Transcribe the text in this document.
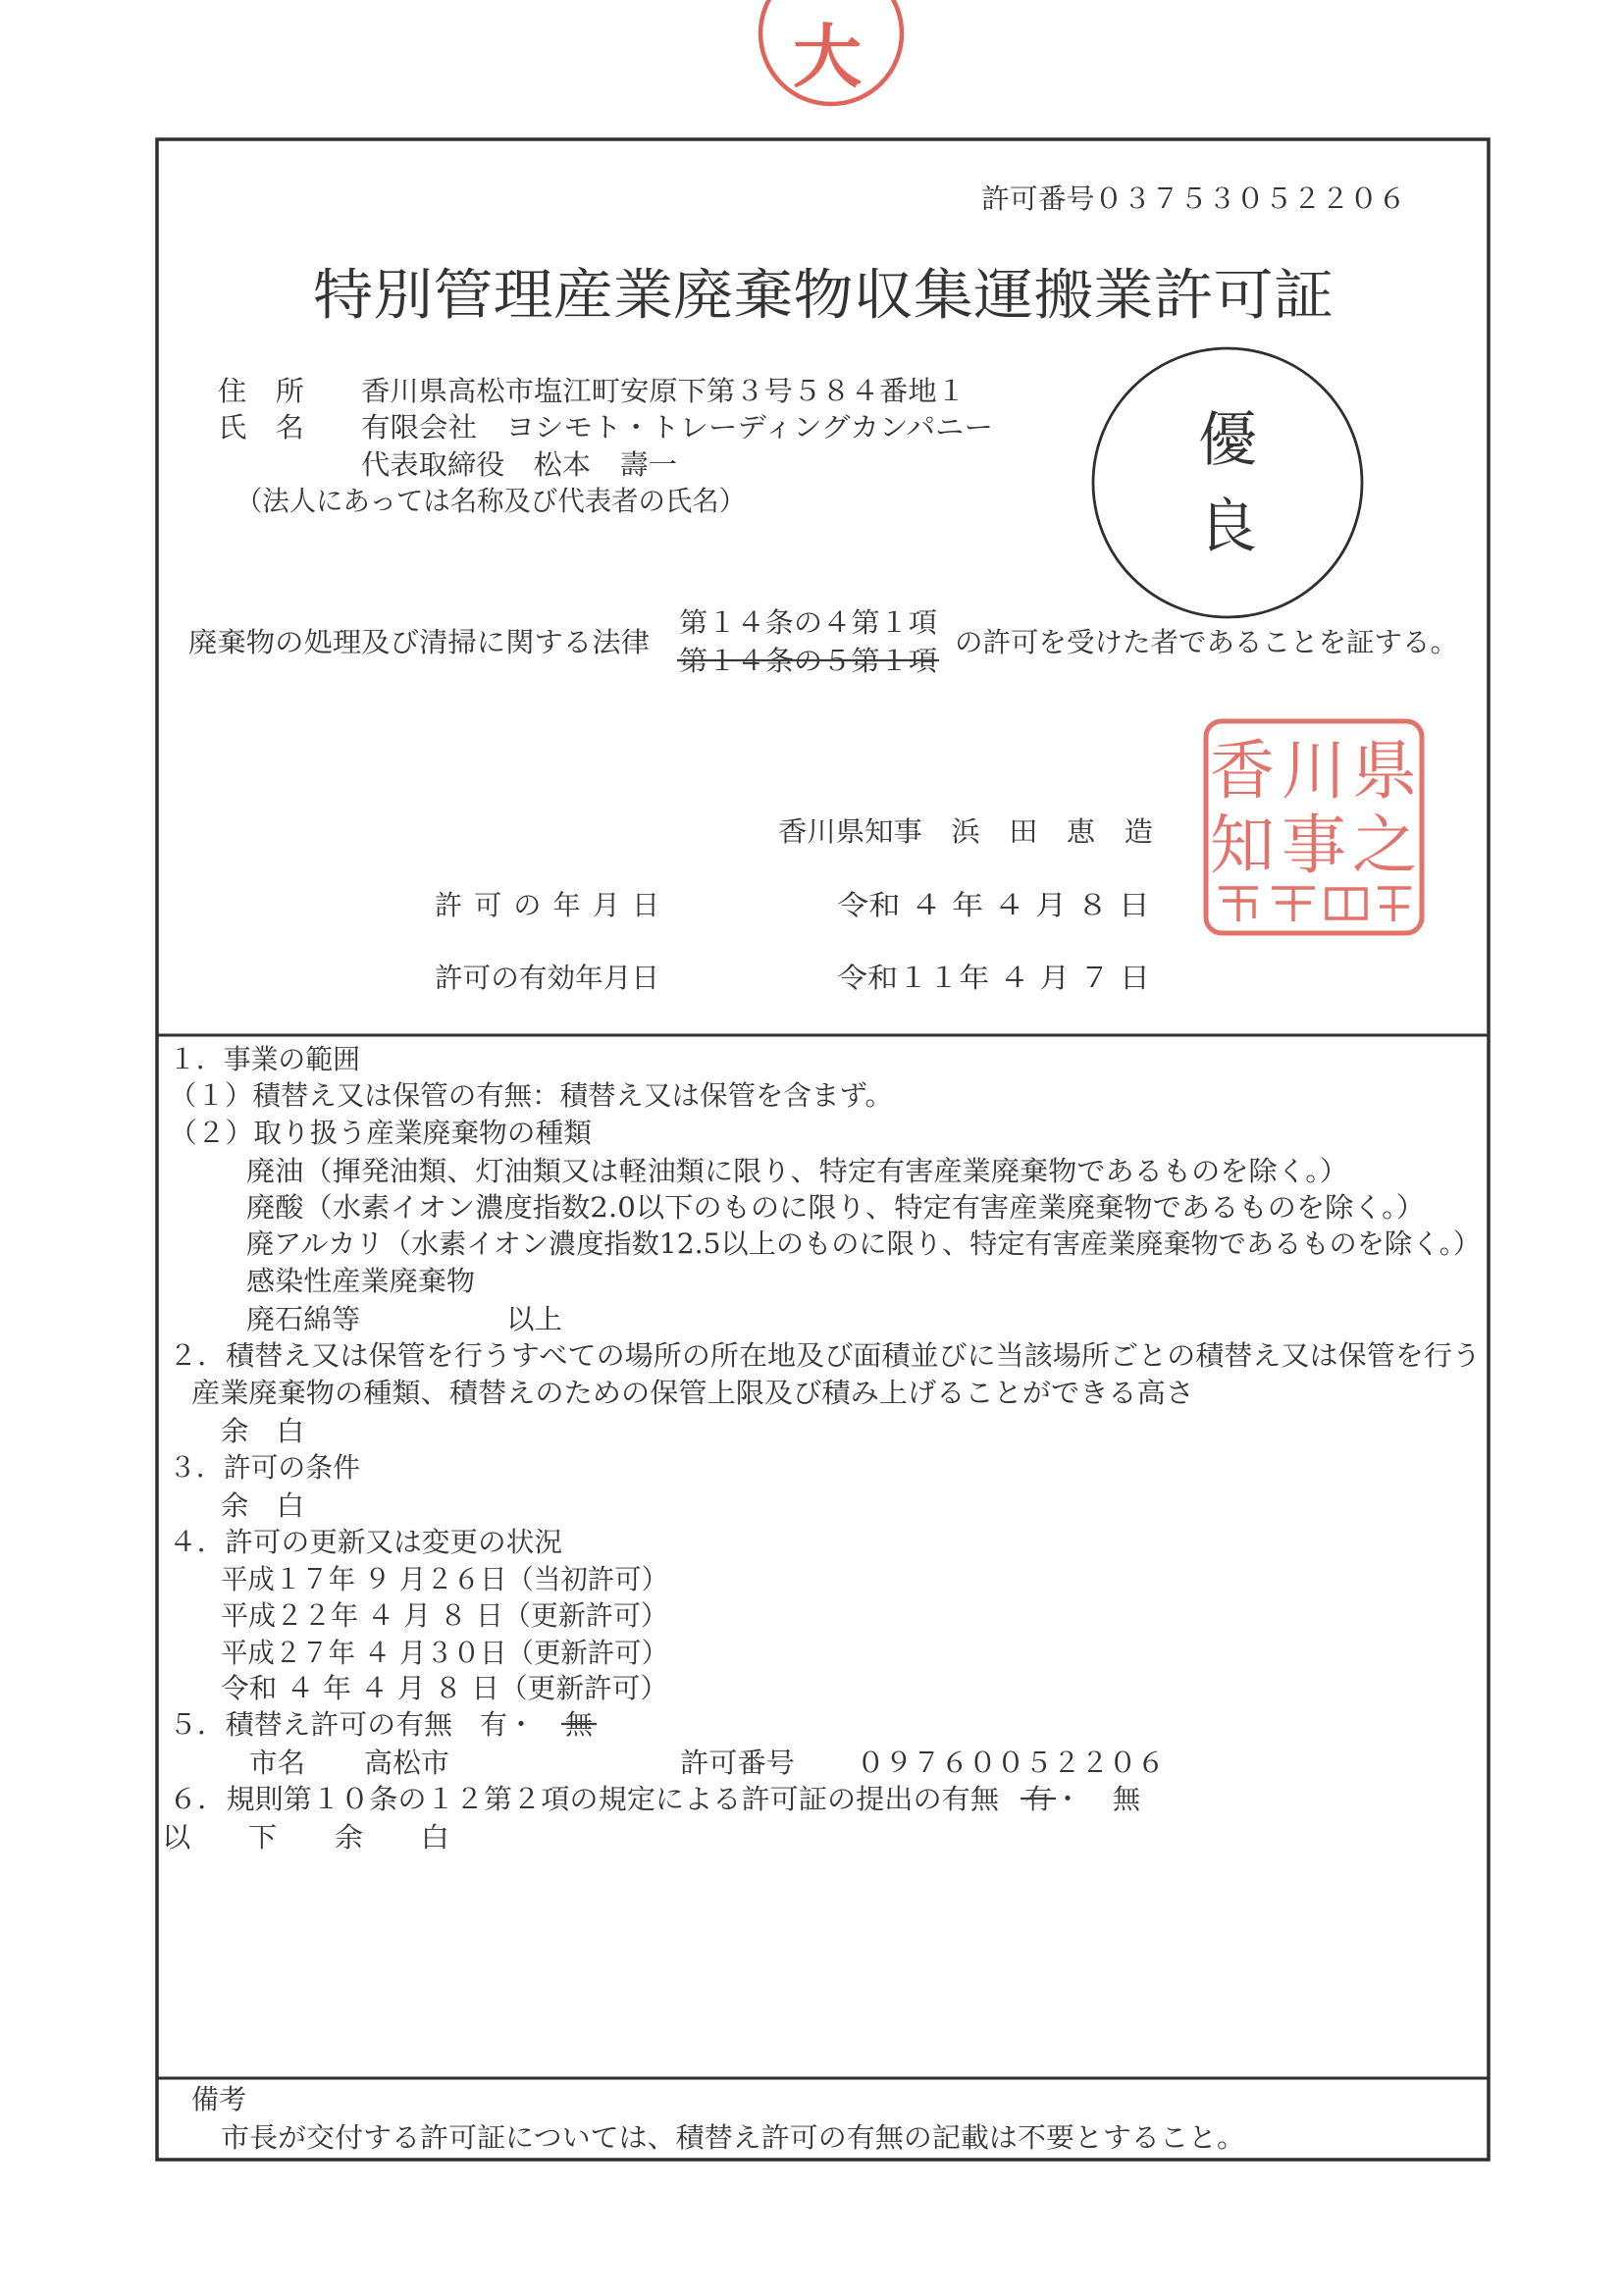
大
許可番号０３７５３０５２２０６
特別管理産業廃棄物収集運搬業許可証
住　所 香川県高松市塩江町安原下第３号５８４番地１
氏　名 有限会社　ヨシモト・トレーディングカンパニー
代表取締役　松本　壽一
（法人にあっては名称及び代表者の氏名）
優
良
廃棄物の処理及び清掃に関する法律
第１４条の４第１項
第１４条の５第１項
の許可を受けた者であることを証する。
香川県知事　浜　田　恵　造
香 川 県
知 事 之
許可の年月日	令和 ４ 年 ４ 月 ８ 日
許可の有効年月日	令和１１年 ４ 月 ７ 日
１．事業の範囲
（１）積替え又は保管の有無：積替え又は保管を含まず。
（２）取り扱う産業廃棄物の種類
廃油（揮発油類、灯油類又は軽油類に限り、特定有害産業廃棄物であるものを除く。）
廃酸（水素イオン濃度指数2.0以下のものに限り、特定有害産業廃棄物であるものを除く。）
廃アルカリ（水素イオン濃度指数12.5以上のものに限り、特定有害産業廃棄物であるものを除く。）
感染性産業廃棄物
廃石綿等	以上
２．積替え又は保管を行うすべての場所の所在地及び面積並びに当該場所ごとの積替え又は保管を行う
産業廃棄物の種類、積替えのための保管上限及び積み上げることができる高さ
余　白
３．許可の条件
余　白
４．許可の更新又は変更の状況
平成１７年 ９ 月２６日（当初許可）
平成２２年 ４ 月 ８ 日（更新許可）
平成２７年 ４ 月３０日（更新許可）
令和 ４ 年 ４ 月 ８ 日（更新許可）
５．積替え許可の有無 有・ 無
市名 高松市	許可番号 ０９７６００５２２０６
６．規則第１０条の１２第２項の規定による許可証の提出の有無 有 ・ 無
以　　下　　余　　白
備考
市長が交付する許可証については、積替え許可の有無の記載は不要とすること。
